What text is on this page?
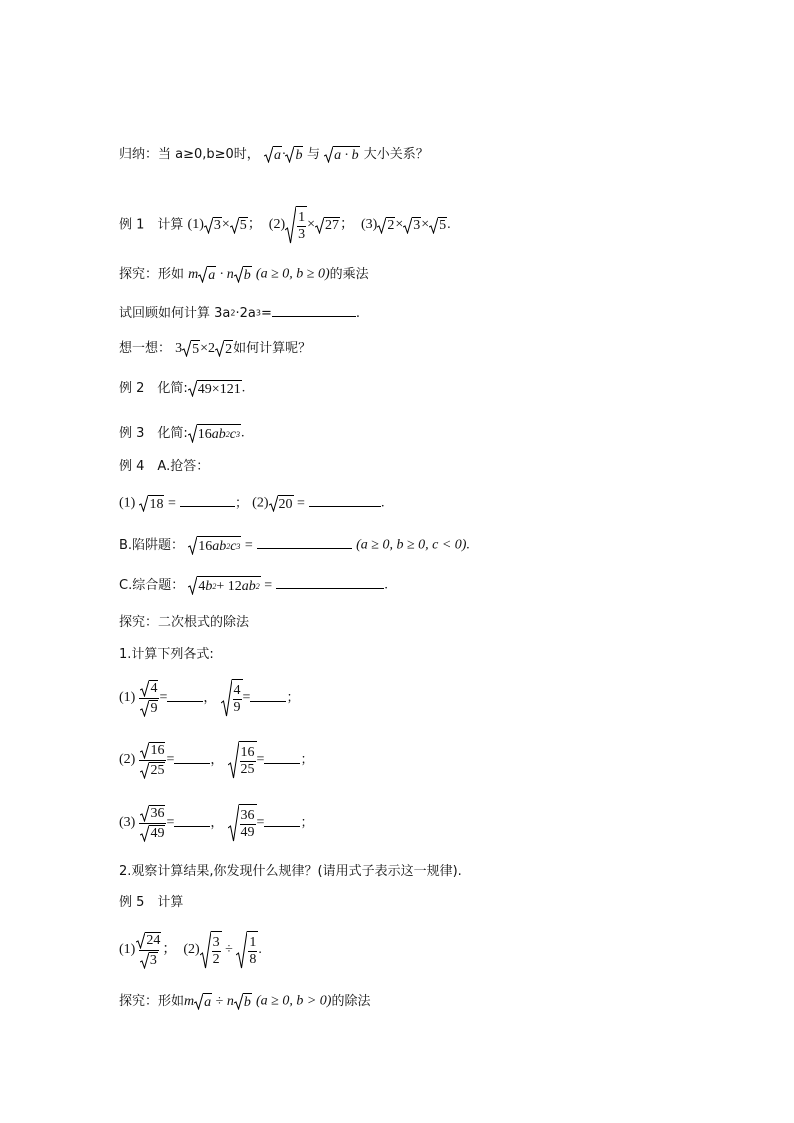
归纳：当 a≥0,b≥0时， a · b 与 a · b 大小关系？
例 1　计算 (1) 3 × 5 ；　$(2) \frac{1}{3} \times 27$ ；　(3) 2 × 3 × 5 .
探究：形如 m a · n b (a ≥ 0, b ≥ 0)的乘法
试回顾如何计算 3a2·2a3=	.
想一想： 3 5 ×2 2 如何计算呢？
例 2　化简: 49×121 .
例 3　化简: 16 ab 2 c 3 .
例 4　A.抢答：
(1) 18 =	； (2) 20 =	.
B.陷阱题： 16 ab 2 c 3 =	(a ≥ 0, b ≥ 0, c < 0).
C.综合题： 4 b 2 + 12 ab 2 =	.
探究：二次根式的除法
1.计算下列各式:
$(1) \frac{4}{9}$ =	， $\frac{4}{9}$ =	；
$(2) \frac{16}{25}$ =	， $\frac{16}{25}$ =	；
$(3) \frac{36}{49}$ =	， $\frac{36}{49}$ =	；
2.观察计算结果,你发现什么规律？(请用式子表示这一规律).
例 5　计算
$(1) \frac{24}{3}$ ；　$(2) \frac{3}{2} \div \frac{1}{8}$ .
探究：形如m a ÷ n b (a ≥ 0, b > 0)的除法
